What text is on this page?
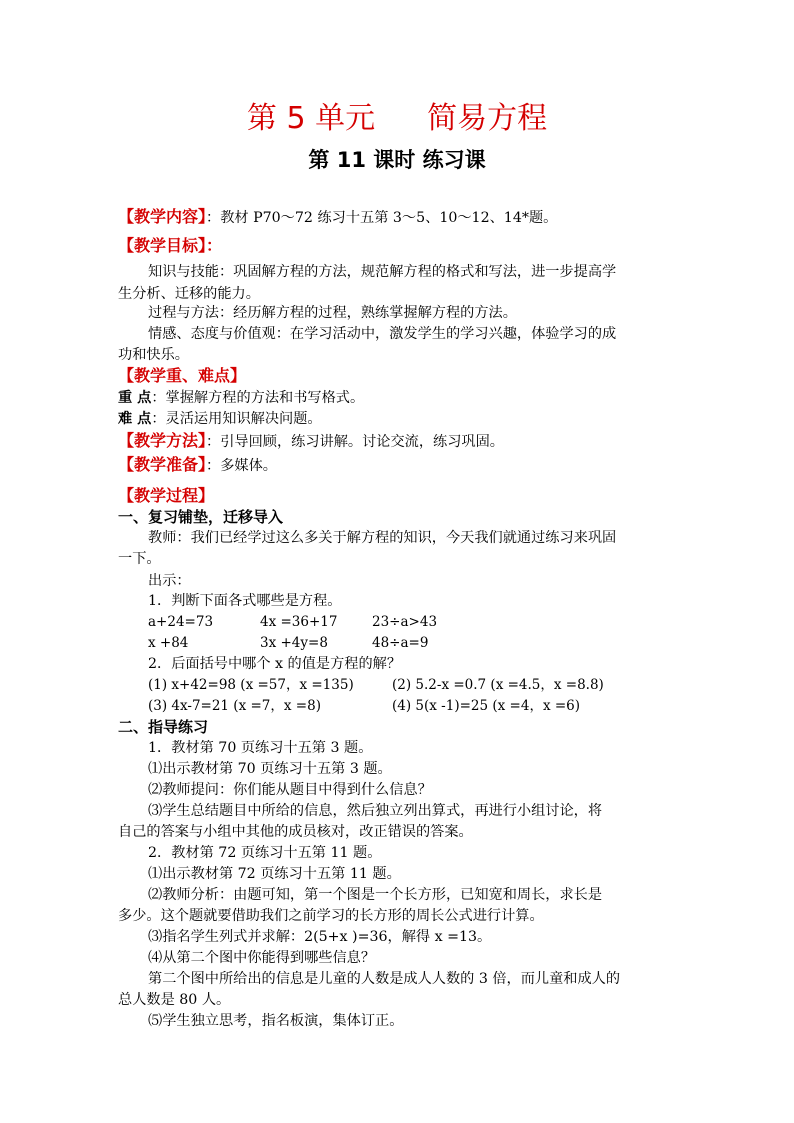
第 5 单元 简易方程
第 11 课时 练习课
【教学内容】：教材 P70～72 练习十五第 3～5、10～12、14*题。
【教学目标】：
知识与技能：巩固解方程的方法，规范解方程的格式和写法，进一步提高学
生分析、迁移的能力。
过程与方法：经历解方程的过程，熟练掌握解方程的方法。
情感、态度与价值观：在学习活动中，激发学生的学习兴趣，体验学习的成
功和快乐。
【教学重、难点】
重 点：掌握解方程的方法和书写格式。
难 点：灵活运用知识解决问题。
【教学方法】：引导回顾，练习讲解。讨论交流，练习巩固。
【教学准备】：多媒体。
【教学过程】
一、复习铺垫，迁移导入
教师：我们已经学过这么多关于解方程的知识，今天我们就通过练习来巩固
一下。
出示：
1．判断下面各式哪些是方程。
a+24=73	4x =36+17	23÷a>43
x +84	3x +4y=8	48÷a=9
2．后面括号中哪个 x 的值是方程的解？
(1) x+42=98 (x =57，x =135)	(2) 5.2-x =0.7 (x =4.5，x =8.8)
(3) 4x-7=21 (x =7，x =8)	(4) 5(x -1)=25 (x =4，x =6)
二、指导练习
1．教材第 70 页练习十五第 3 题。
⑴出示教材第 70 页练习十五第 3 题。
⑵教师提问：你们能从题目中得到什么信息？
⑶学生总结题目中所给的信息，然后独立列出算式，再进行小组讨论，将
自己的答案与小组中其他的成员核对，改正错误的答案。
2．教材第 72 页练习十五第 11 题。
⑴出示教材第 72 页练习十五第 11 题。
⑵教师分析：由题可知，第一个图是一个长方形，已知宽和周长，求长是
多少。这个题就要借助我们之前学习的长方形的周长公式进行计算。
⑶指名学生列式并求解：2(5+x )=36，解得 x =13。
⑷从第二个图中你能得到哪些信息？
第二个图中所给出的信息是儿童的人数是成人人数的 3 倍，而儿童和成人的
总人数是 80 人。
⑸学生独立思考，指名板演，集体订正。
